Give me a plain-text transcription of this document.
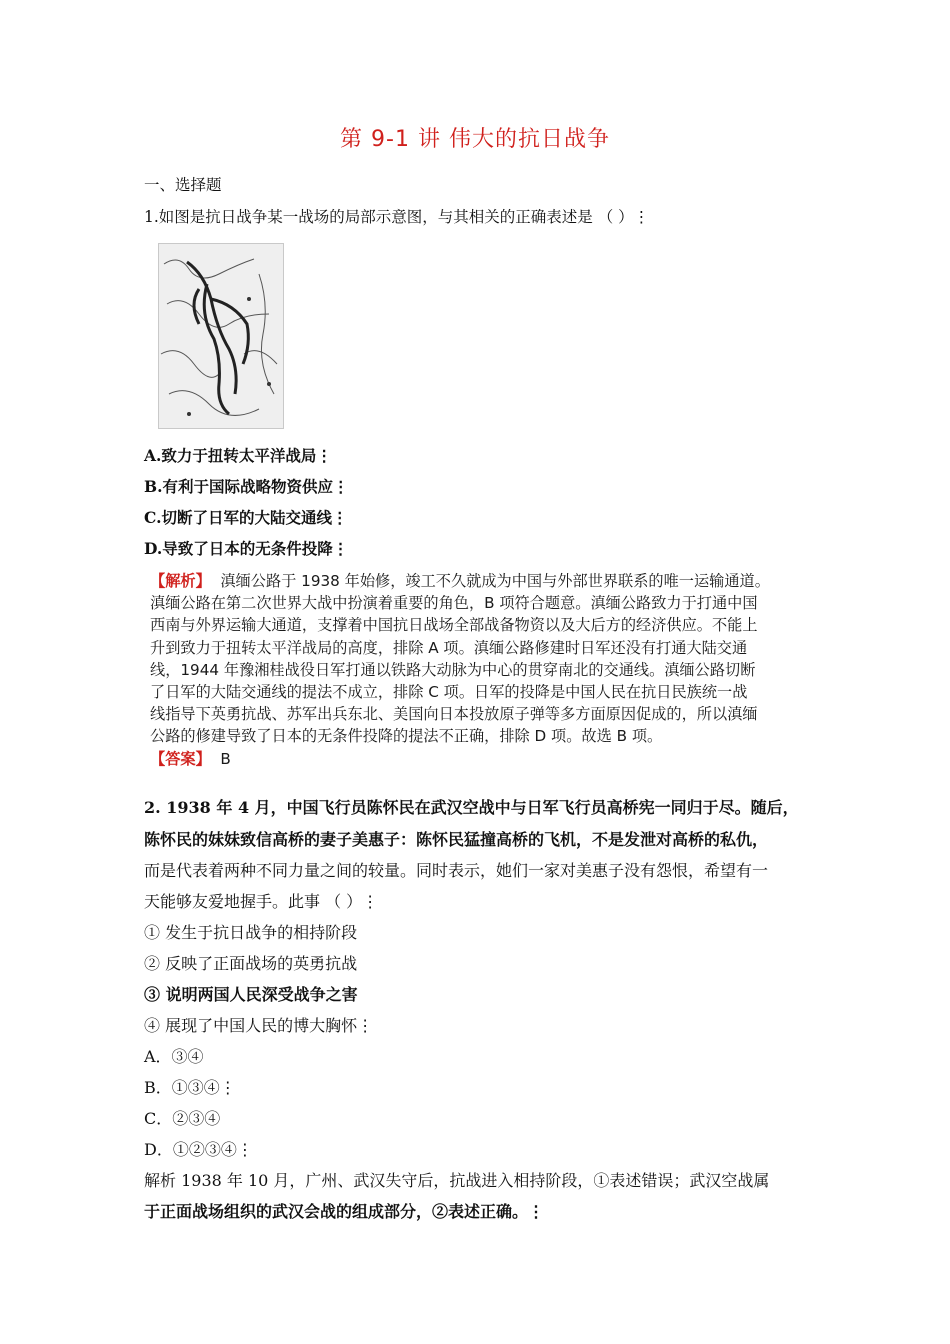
第 9-1 讲 伟大的抗日战争
一、选择题
1.如图是抗日战争某一战场的局部示意图，与其相关的正确表述是 （ ）⋮
A.致力于扭转太平洋战局⋮
B.有利于国际战略物资供应⋮
C.切断了日军的大陆交通线⋮
D.导致了日本的无条件投降⋮
【解析】 滇缅公路于 1938 年始修，竣工不久就成为中国与外部世界联系的唯一运输通道。
滇缅公路在第二次世界大战中扮演着重要的角色，B 项符合题意。滇缅公路致力于打通中国
西南与外界运输大通道，支撑着中国抗日战场全部战备物资以及大后方的经济供应。不能上
升到致力于扭转太平洋战局的高度，排除 A 项。滇缅公路修建时日军还没有打通大陆交通
线，1944 年豫湘桂战役日军打通以铁路大动脉为中心的贯穿南北的交通线。滇缅公路切断
了日军的大陆交通线的提法不成立，排除 C 项。日军的投降是中国人民在抗日民族统一战
线指导下英勇抗战、苏军出兵东北、美国向日本投放原子弹等多方面原因促成的，所以滇缅
公路的修建导致了日本的无条件投降的提法不正确，排除 D 项。故选 B 项。
【答案】 B
2. 1938 年 4 月，中国飞行员陈怀民在武汉空战中与日军飞行员高桥宪一同归于尽。随后，
陈怀民的妹妹致信高桥的妻子美惠子：陈怀民猛撞高桥的飞机，不是发泄对高桥的私仇，
而是代表着两种不同力量之间的较量。同时表示，她们一家对美惠子没有怨恨，希望有一
天能够友爱地握手。此事 （ ）⋮
① 发生于抗日战争的相持阶段
② 反映了正面战场的英勇抗战
③ 说明两国人民深受战争之害
④ 展现了中国人民的博大胸怀⋮
A．③④
B．①③④⋮
C．②③④
D．①②③④⋮
解析 1938 年 10 月，广州、武汉失守后，抗战进入相持阶段，①表述错误；武汉空战属
于正面战场组织的武汉会战的组成部分，②表述正确。⋮
